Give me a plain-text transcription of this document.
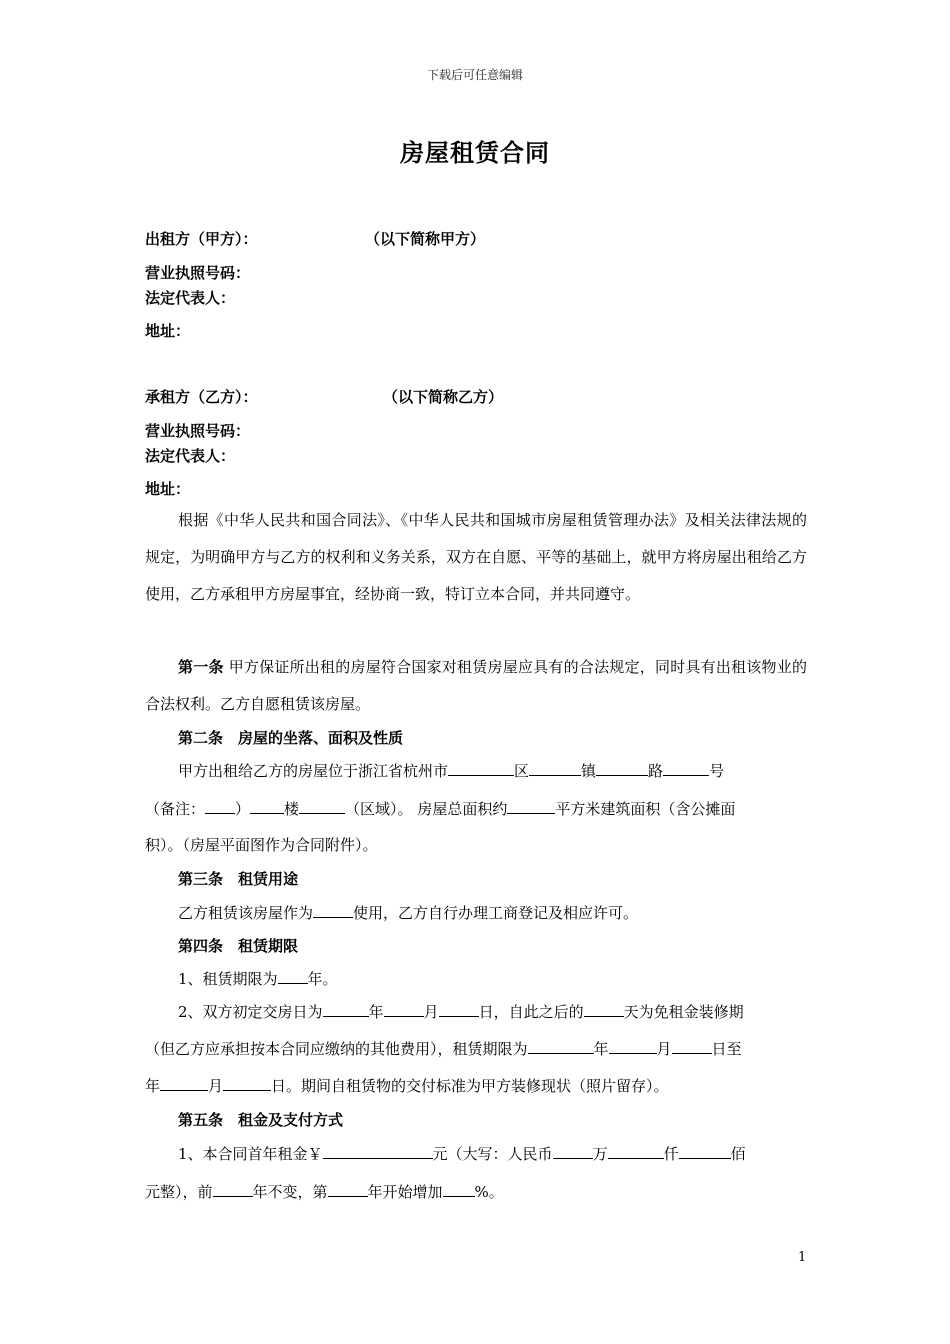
下载后可任意编辑
房屋租赁合同
出租方（甲方）：	（以下简称甲方）
营业执照号码：
法定代表人：
地址：
承租方（乙方）：	（以下简称乙方）
营业执照号码：
法定代表人：
地址：
根据《中华人民共和国合同法》、《中华人民共和国城市房屋租赁管理办法》及相关法律法规的规定，为明确甲方与乙方的权利和义务关系，双方在自愿、平等的基础上，就甲方将房屋出租给乙方使用，乙方承租甲方房屋事宜，经协商一致，特订立本合同，并共同遵守。
第一条 甲方保证所出租的房屋符合国家对租赁房屋应具有的合法规定，同时具有出租该物业的合法权利。乙方自愿租赁该房屋。
第二条　房屋的坐落、面积及性质
甲方出租给乙方的房屋位于浙江省杭州市	区	镇	路	号
（备注： ） 楼	（区域）。 房屋总面积约	平方米建筑面积（含公摊面
积）。（房屋平面图作为合同附件）。
第三条　租赁用途
乙方租赁该房屋作为	使用，乙方自行办理工商登记及相应许可。
第四条　租赁期限
1、租赁期限为 年。
2、双方初定交房日为	年	月	日，自此之后的	天为免租金装修期
（但乙方应承担按本合同应缴纳的其他费用），租赁期限为	年	月	日至
年	月	日。期间自租赁物的交付标准为甲方装修现状（照片留存）。
第五条　租金及支付方式
1、本合同首年租金￥	元（大写：人民币	万	仟	佰
元整），前	年不变，第	年开始增加 %。
1
